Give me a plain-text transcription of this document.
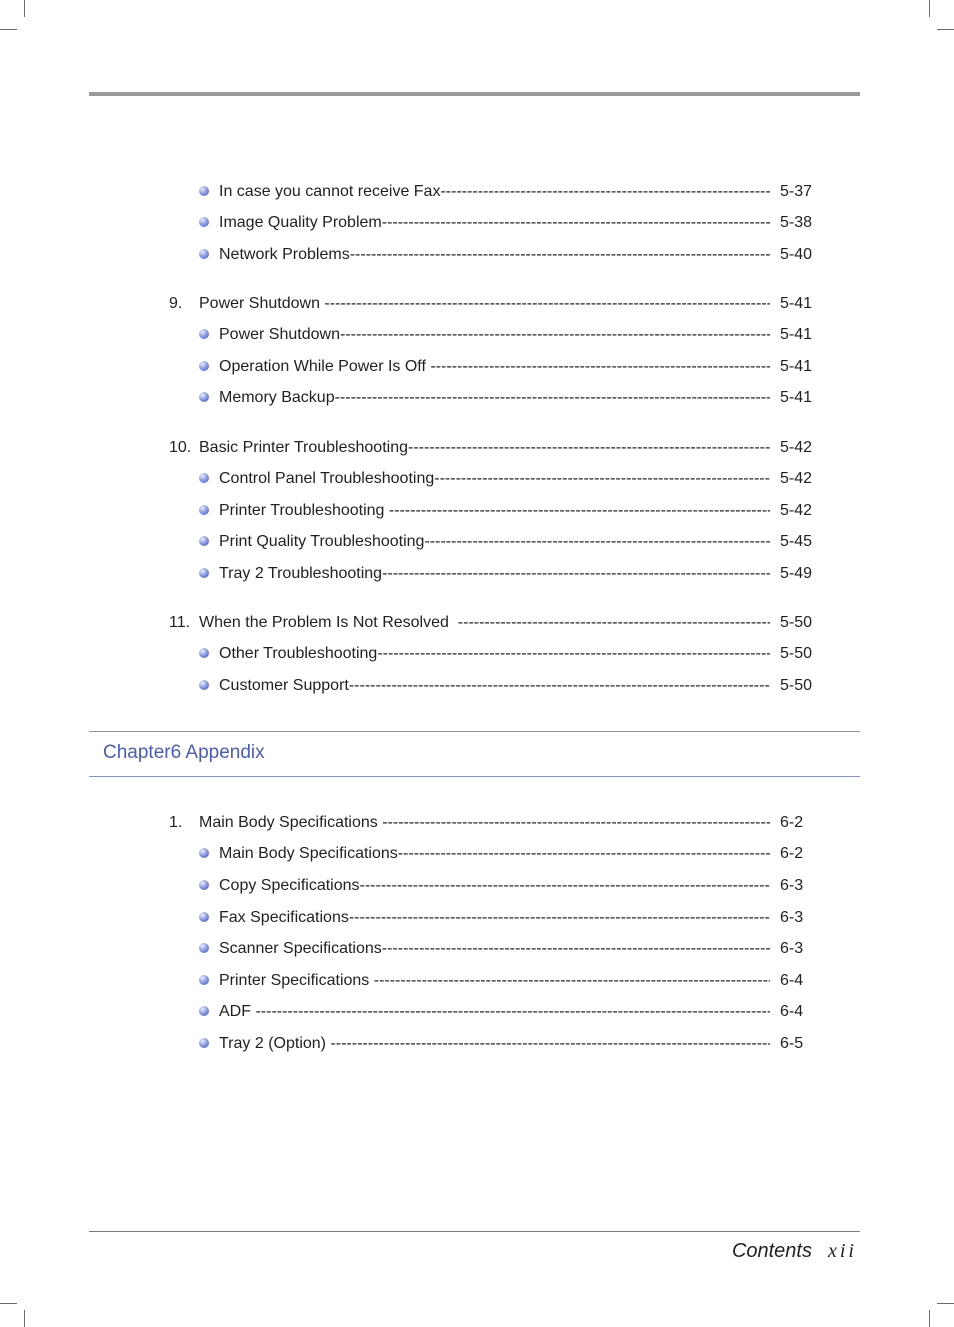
In case you cannot receive Fax -----	5-37
Image Quality Problem -----	5-38
Network Problems -----	5-40
9. Power Shutdown -----	5-41
Power Shutdown -----	5-41
Operation While Power Is Off -----	5-41
Memory Backup -----	5-41
10. Basic Printer Troubleshooting -----	5-42
Control Panel Troubleshooting -----	5-42
Printer Troubleshooting -----	5-42
Print Quality Troubleshooting -----	5-45
Tray 2 Troubleshooting -----	5-49
11. When the Problem Is Not Resolved -----	5-50
Other Troubleshooting -----	5-50
Customer Support -----	5-50
Chapter6 Appendix
1. Main Body Specifications -----	6-2
Main Body Specifications -----	6-2
Copy Specifications -----	6-3
Fax Specifications -----	6-3
Scanner Specifications -----	6-3
Printer Specifications -----	6-4
ADF -----	6-4
Tray 2 (Option) -----	6-5
Contents xii
